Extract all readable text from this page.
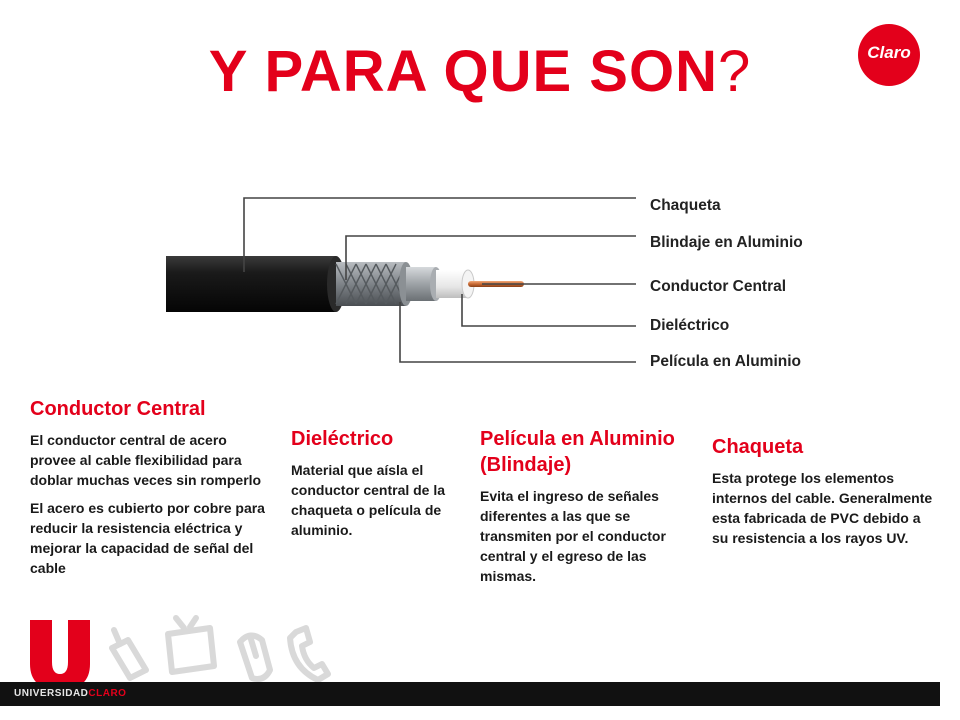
Y PARA QUE SON?	Claro
Chaqueta
Blindaje en Aluminio
Conductor Central
Dieléctrico
Película en Aluminio
Conductor Central

El conductor central de acero provee al cable flexibilidad para doblar muchas veces sin romperlo

El acero es cubierto por cobre para reducir la resistencia eléctrica y mejorar la capacidad de señal del cable

Dieléctrico

Material que aísla el conductor central de la chaqueta o película de aluminio.

Película en Aluminio (Blindaje)

Evita el ingreso de señales diferentes a las que se transmiten por el conductor central y el egreso de las mismas.

Chaqueta

Esta protege los elementos internos del cable. Generalmente esta fabricada de PVC debido a su resistencia a los rayos UV.

UNIVERSIDADCLARO
